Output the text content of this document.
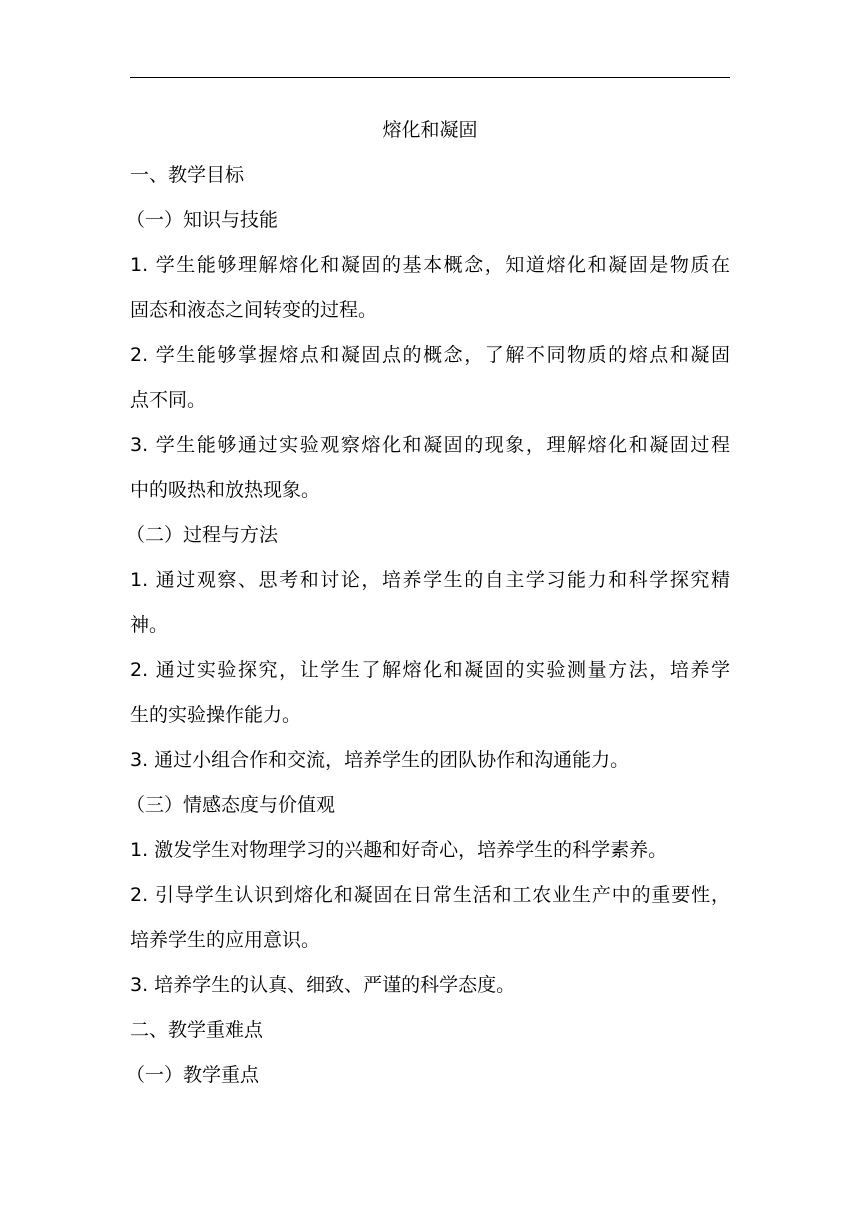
熔化和凝固
一、教学目标
（一）知识与技能
1. 学生能够理解熔化和凝固的基本概念，知道熔化和凝固是物质在
固态和液态之间转变的过程。
2. 学生能够掌握熔点和凝固点的概念，了解不同物质的熔点和凝固
点不同。
3. 学生能够通过实验观察熔化和凝固的现象，理解熔化和凝固过程
中的吸热和放热现象。
（二）过程与方法
1. 通过观察、思考和讨论，培养学生的自主学习能力和科学探究精
神。
2. 通过实验探究，让学生了解熔化和凝固的实验测量方法，培养学
生的实验操作能力。
3. 通过小组合作和交流，培养学生的团队协作和沟通能力。
（三）情感态度与价值观
1. 激发学生对物理学习的兴趣和好奇心，培养学生的科学素养。
2. 引导学生认识到熔化和凝固在日常生活和工农业生产中的重要性，
培养学生的应用意识。
3. 培养学生的认真、细致、严谨的科学态度。
二、教学重难点
（一）教学重点
